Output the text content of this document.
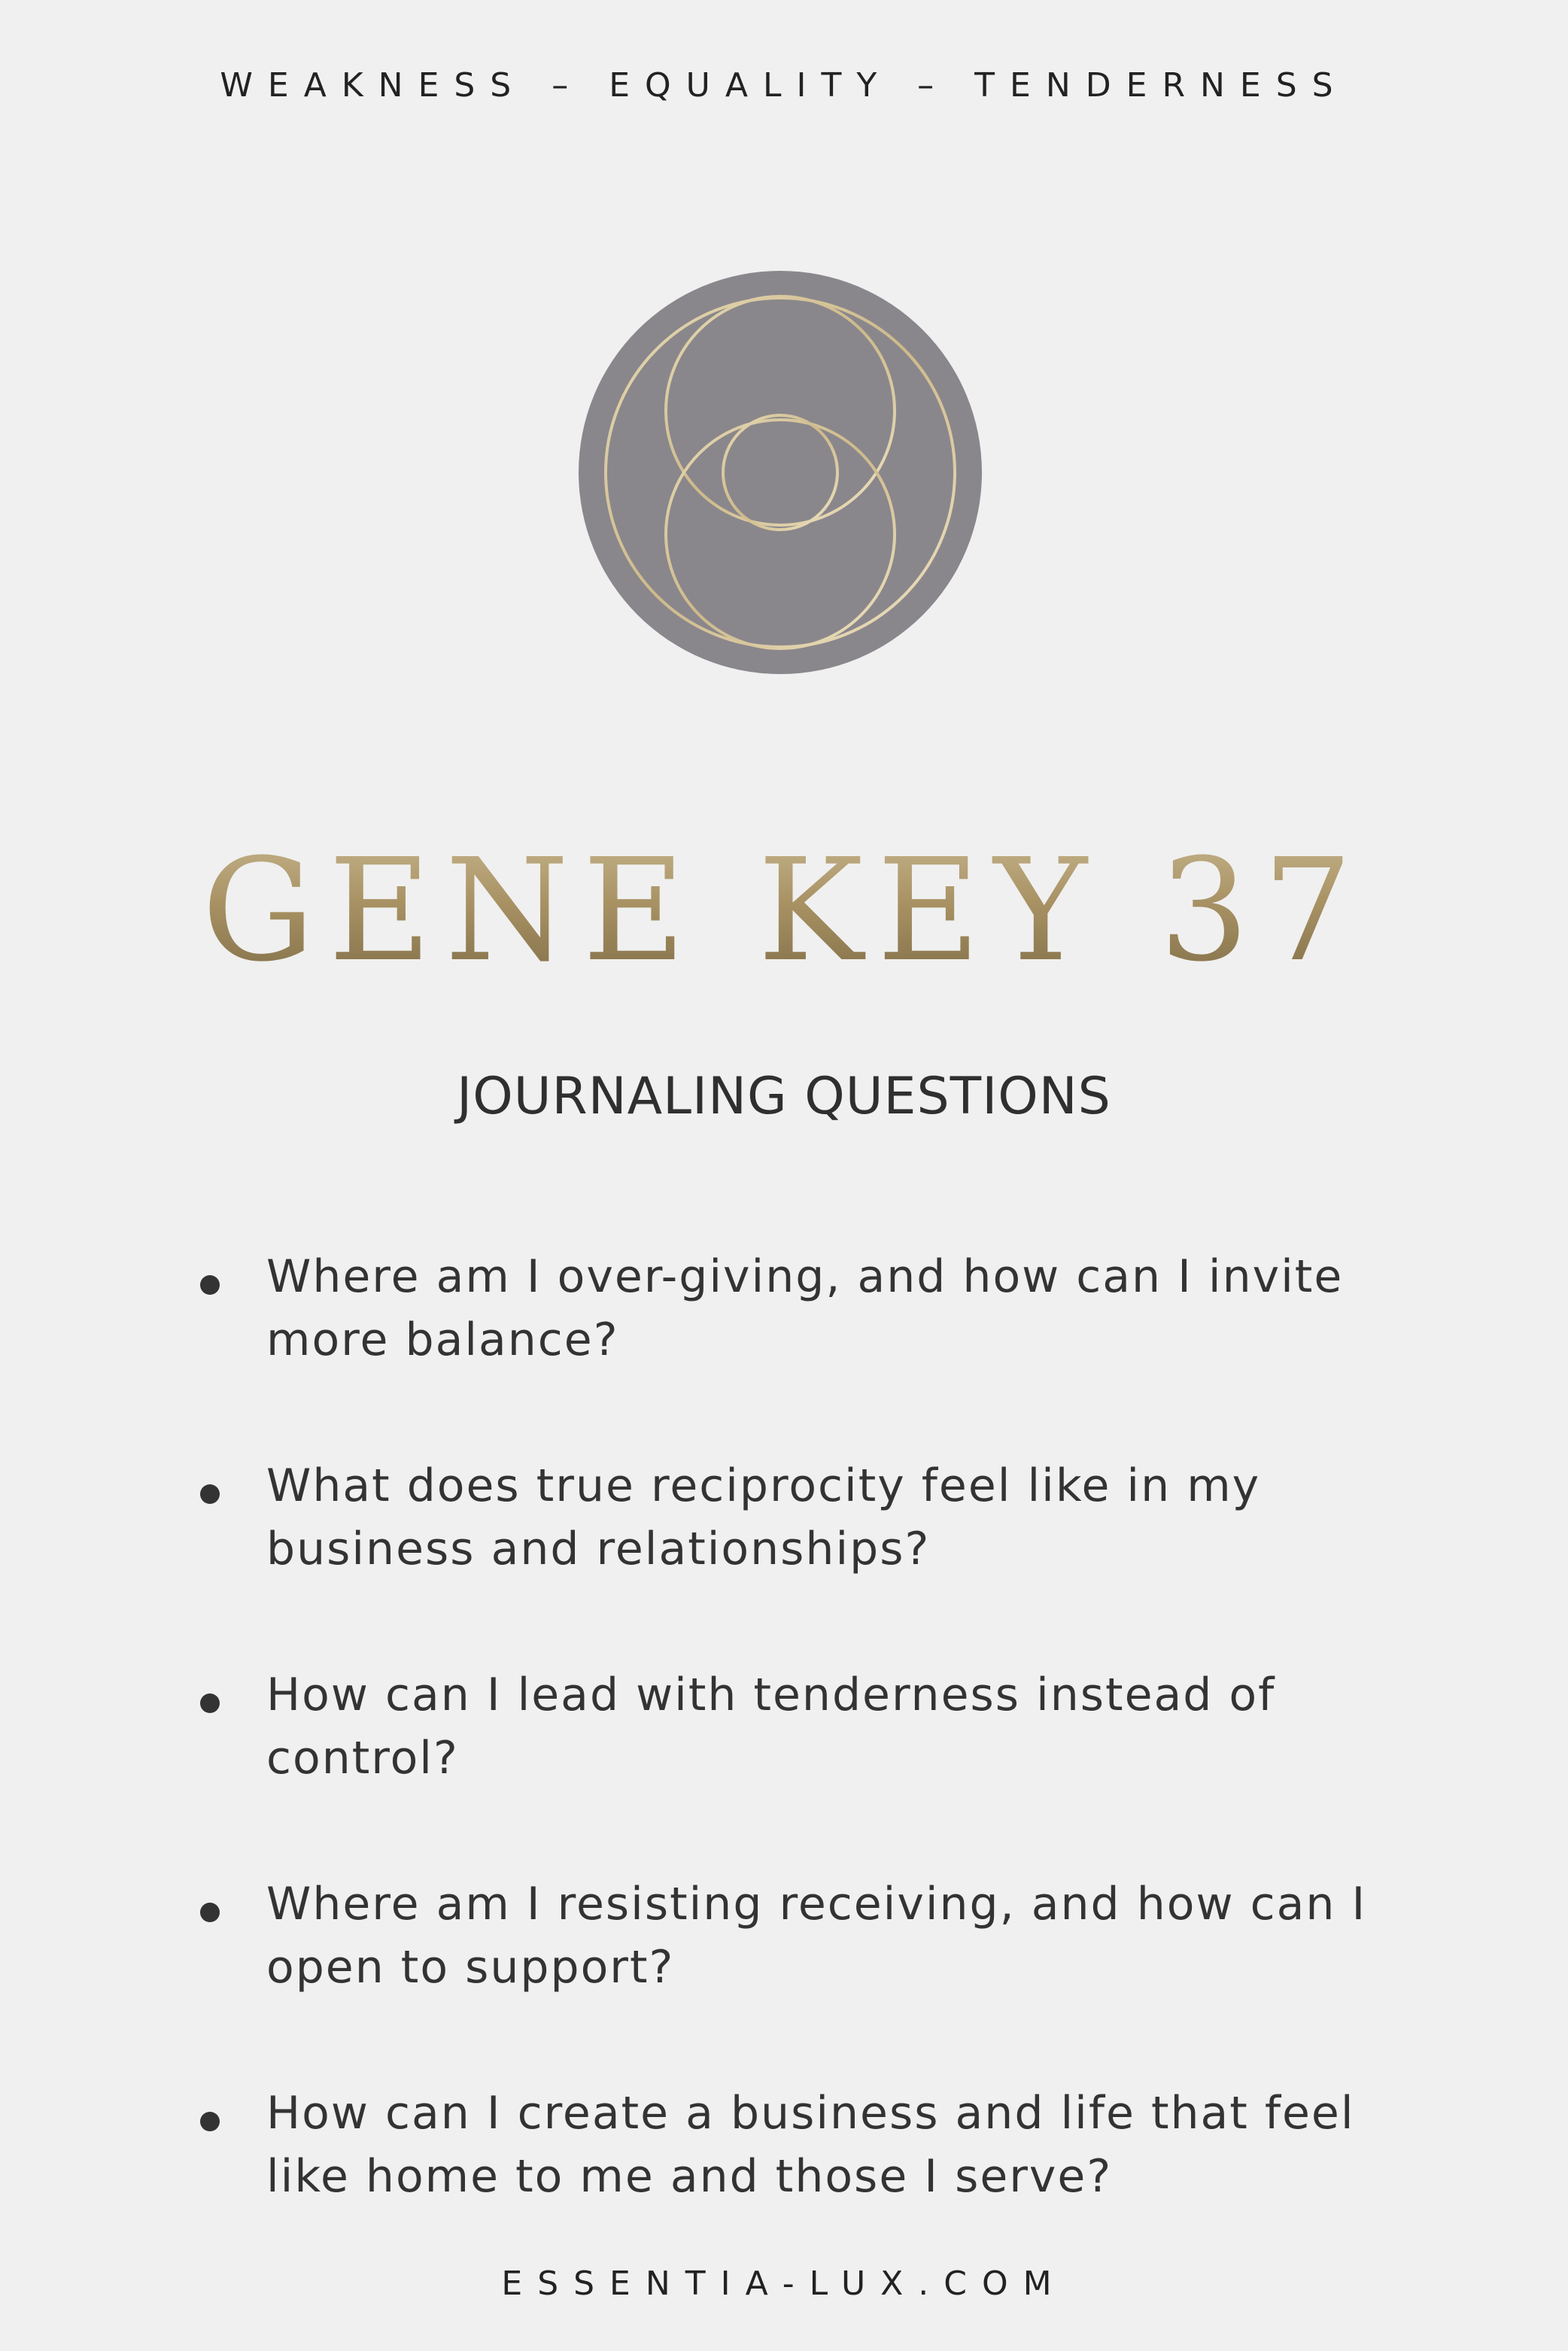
WEAKNESS – EQUALITY – TENDERNESS
GENE KEY 37
JOURNALING QUESTIONS
Where am I over-giving, and how can I invite more balance?
What does true reciprocity feel like in my business and relationships?
How can I lead with tenderness instead of control?
Where am I resisting receiving, and how can I open to support?
How can I create a business and life that feel like home to me and those I serve?
ESSENTIA-LUX.COM
